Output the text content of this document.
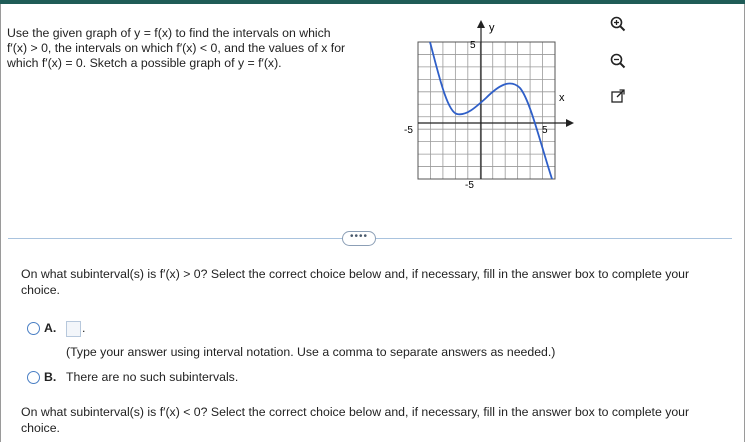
Use the given graph of y = f(x) to find the intervals on which
f′(x) > 0, the intervals on which f′(x) < 0, and the values of x for
which f′(x) = 0. Sketch a possible graph of y = f′(x).
y
x
5
-5
-5	5
••••
On what subinterval(s) is f′(x) > 0? Select the correct choice below and, if necessary, fill in the answer box to complete your
choice.
A. .
(Type your answer using interval notation. Use a comma to separate answers as needed.)
B. There are no such subintervals.
On what subinterval(s) is f′(x) < 0? Select the correct choice below and, if necessary, fill in the answer box to complete your
choice.
